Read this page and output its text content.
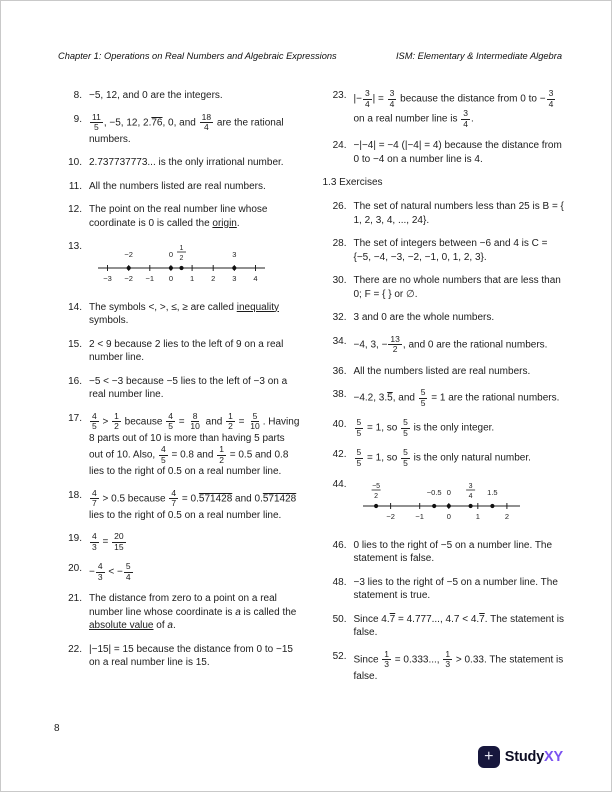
Chapter 1: Operations on Real Numbers and Algebraic Expressions	ISM: Elementary & Intermediate Algebra
8. −5, 12, and 0 are the integers.
9. $\frac{11}{5}$ , −5, 12, 2.76, 0, and $\frac{18}{4}$ are the rational numbers.
10. 2.737737773... is the only irrational number.
11. All the numbers listed are real numbers.
12. The point on the real number line whose coordinate is 0 is called the origin.
13.
−3 −2 −1 0 1 2 3 4
−2	0
1
2	3
14. The symbols <, >, ≤, ≥ are called inequality symbols.
15. 2 < 9 because 2 lies to the left of 9 on a real number line.
16. −5 < −3 because −5 lies to the left of −3 on a real number line.
17. $\frac{4}{5} > \frac{1}{2}$ because $\frac{4}{5} = \frac{8}{10}$ and $\frac{1}{2} = \frac{5}{10}$ . Having 8 parts out of 10 is more than having 5 parts out of 10. Also, $\frac{4}{5} = 0.8$ and $\frac{1}{2} = 0.5$ and 0.8 lies to the right of 0.5 on a real number line.
18. $\frac{4}{7} > 0.5$ because $\frac{4}{7} = 0.571428$ and 0.571428 lies to the right of 0.5 on a real number line.
19. $\frac{4}{3} = \frac{20}{15}$
20. − $\frac{4}{3}$ < − $\frac{5}{4}$
21. The distance from zero to a point on a real number line whose coordinate is a is called the absolute value of a.
22. |−15| = 15 because the distance from 0 to −15 on a real number line is 15.
23. |− $\frac{3}{4}$ | = $\frac{3}{4}$ because the distance from 0 to − $\frac{3}{4}$
on a real number line is $\frac{3}{4}$ .
24. −|−4| = −4 (|−4| = 4) because the distance from 0 to −4 on a number line is 4.
1.3 Exercises
26. The set of natural numbers less than 25 is B = { 1, 2, 3, 4, ..., 24}.
28. The set of integers between −6 and 4 is C = {−5, −4, −3, −2, −1, 0, 1, 2, 3}.
30. There are no whole numbers that are less than 0; F = { } or ∅.
32. 3 and 0 are the whole numbers.
34. −4, 3, − $\frac{13}{2}$ , and 0 are the rational numbers.
36. All the numbers listed are real numbers.
38. −4.2, 3.5, and $\frac{5}{5} = 1$ are the rational numbers.
40. $\frac{5}{5} = 1$, so $\frac{5}{5}$ is the only integer.
42. $\frac{5}{5} = 1$, so $\frac{5}{5}$ is the only natural number.
44.
−2	−1	0	1	2
−5
2	−0.5 0
3
4 1.5
46. 0 lies to the right of −5 on a number line. The statement is false.
48. −3 lies to the right of −5 on a number line. The statement is true.
50. Since 4.7 = 4.777..., 4.7 < 4.7. The statement is false.
52. Since $\frac{1}{3} = 0.333$..., $\frac{1}{3} > 0.33$. The statement is false.
8
+ StudyXY
